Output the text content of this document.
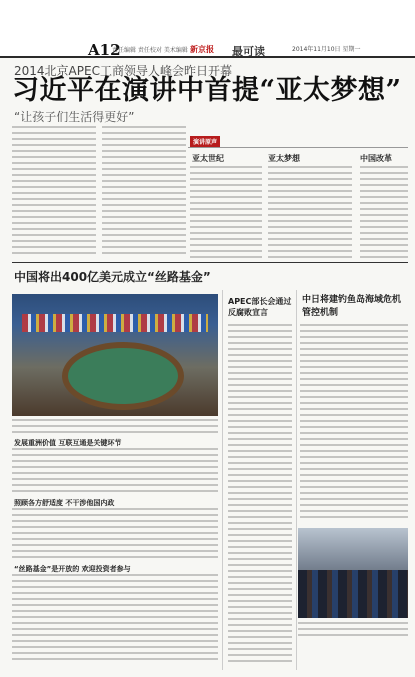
A12
责任编辑 责任校对 美术编辑 新京报 最可读	2014年11月10日 星期一
2014北京APEC工商领导人峰会昨日开幕
习近平在演讲中首提“亚太梦想”
“让孩子们生活得更好”
演讲原声
亚太世纪	亚太梦想	中国改革
中国将出400亿美元成立“丝路基金”
发展重洲价值 互联互通是关键环节
照顾各方舒适度 不干涉他国内政
“丝路基金”是开放的 欢迎投资者参与
APEC部长会通过反腐败宣言
中日将建钓鱼岛海域危机管控机制
